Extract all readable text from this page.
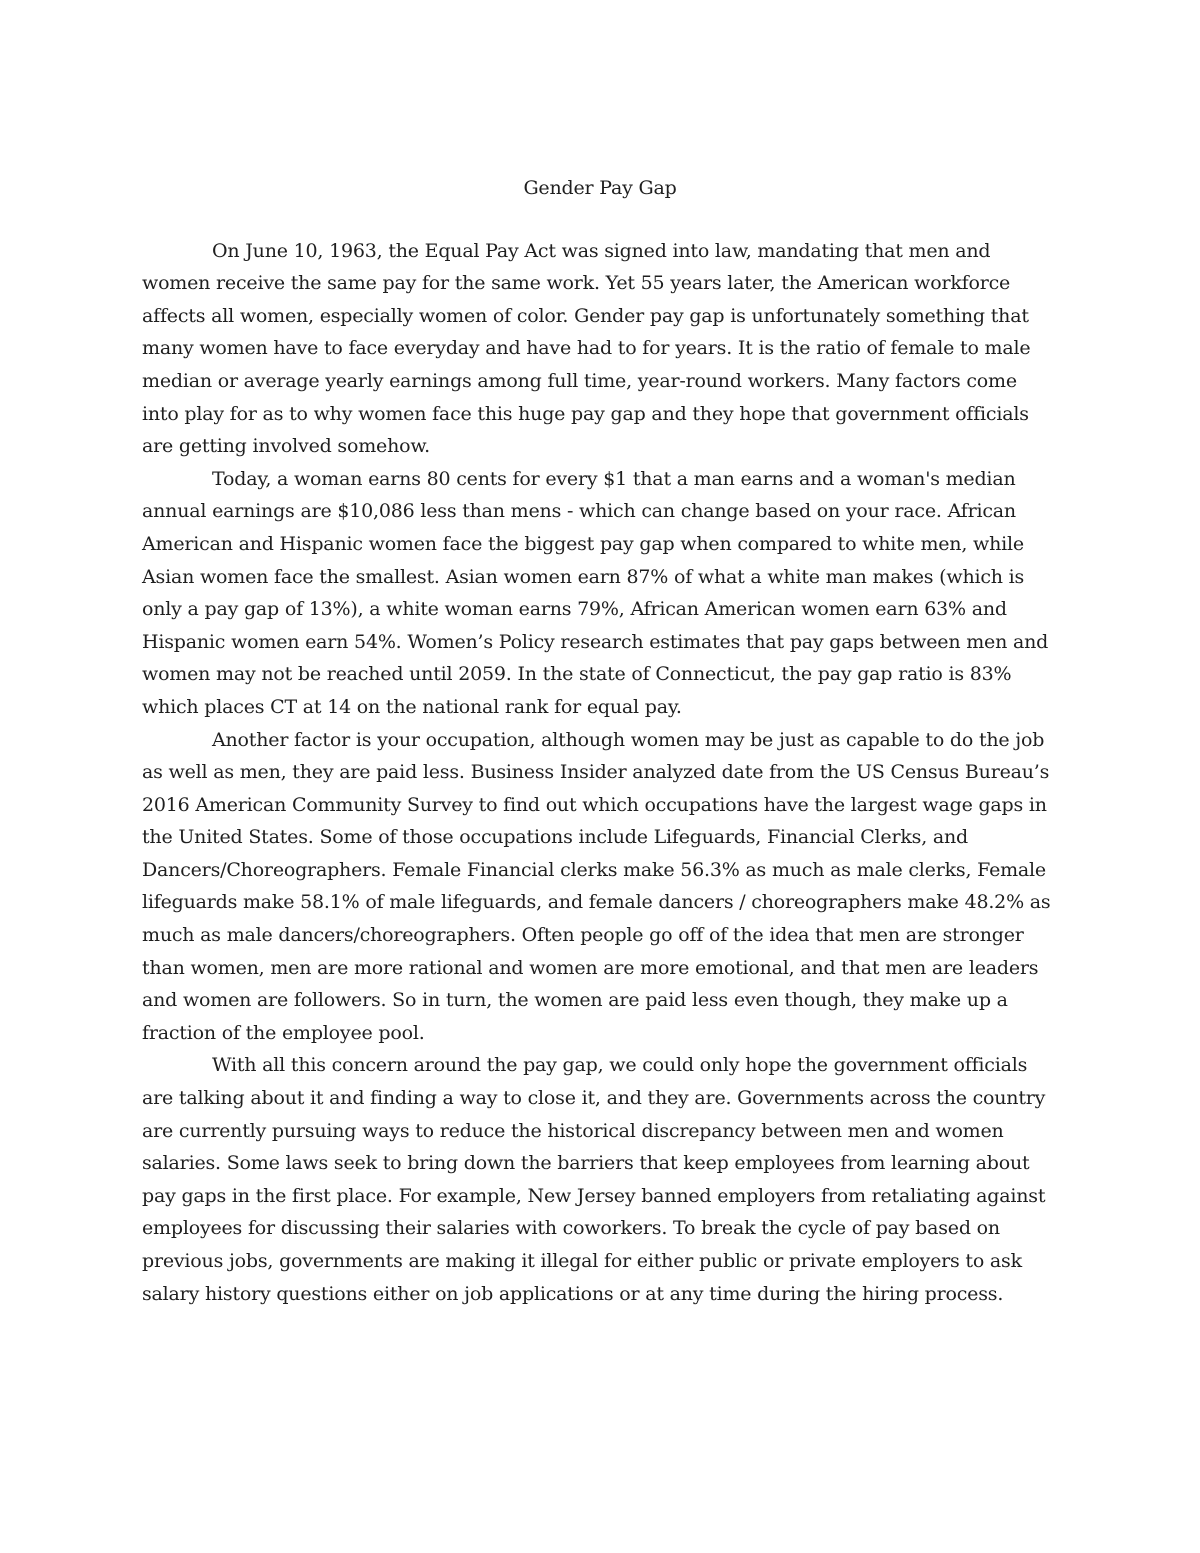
Gender Pay Gap

On June 10, 1963, the Equal Pay Act was signed into law, mandating that men and women receive the same pay for the same work. Yet 55 years later, the American workforce affects all women, especially women of color. Gender pay gap is unfortunately something that many women have to face everyday and have had to for years. It is the ratio of female to male median or average yearly earnings among full time, year-round workers. Many factors come into play for as to why women face this huge pay gap and they hope that government officials are getting involved somehow.

Today, a woman earns 80 cents for every $1 that a man earns and a woman's median annual earnings are $10,086 less than mens - which can change based on your race. African American and Hispanic women face the biggest pay gap when compared to white men, while Asian women face the smallest. Asian women earn 87% of what a white man makes (which is only a pay gap of 13%), a white woman earns 79%, African American women earn 63% and Hispanic women earn 54%. Women’s Policy research estimates that pay gaps between men and women may not be reached until 2059. In the state of Connecticut, the pay gap ratio is 83% which places CT at 14 on the national rank for equal pay.

Another factor is your occupation, although women may be just as capable to do the job as well as men, they are paid less. Business Insider analyzed date from the US Census Bureau’s 2016 American Community Survey to find out which occupations have the largest wage gaps in the United States. Some of those occupations include Lifeguards, Financial Clerks, and Dancers/Choreographers. Female Financial clerks make 56.3% as much as male clerks, Female lifeguards make 58.1% of male lifeguards, and female dancers / choreographers make 48.2% as much as male dancers/choreographers. Often people go off of the idea that men are stronger than women, men are more rational and women are more emotional, and that men are leaders and women are followers. So in turn, the women are paid less even though, they make up a fraction of the employee pool.

With all this concern around the pay gap, we could only hope the government officials are talking about it and finding a way to close it, and they are. Governments across the country are currently pursuing ways to reduce the historical discrepancy between men and women salaries. Some laws seek to bring down the barriers that keep employees from learning about pay gaps in the first place. For example, New Jersey banned employers from retaliating against employees for discussing their salaries with coworkers. To break the cycle of pay based on previous jobs, governments are making it illegal for either public or private employers to ask salary history questions either on job applications or at any time during the hiring process.
